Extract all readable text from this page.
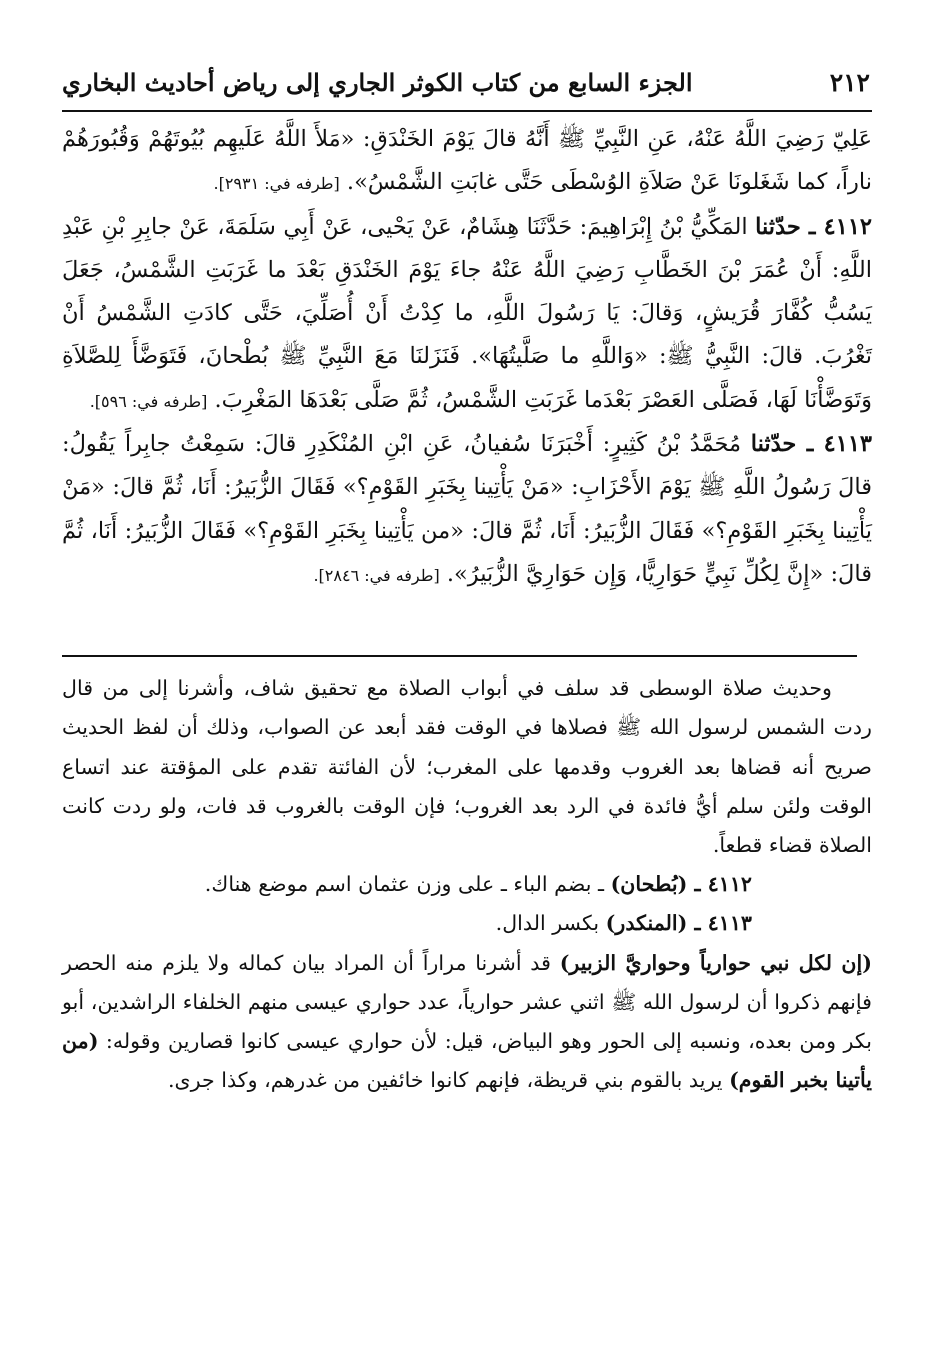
٢١٢
الجزء السابع من كتاب الكوثر الجاري إلى رياض أحاديث البخاري

عَلِيّ رَضِيَ اللَّهُ عَنْهُ، عَنِ النَّبِيِّ ﷺ أَنَّهُ قالَ يَوْمَ الخَنْدَقِ: «مَلأَ اللَّهُ عَلَيهِم بُيُوتَهُمْ وَقُبُورَهُمْ ناراً، كما شَغَلونَا عَنْ صَلاَةِ الوُسْطَى حَتَّى غابَتِ الشَّمْسُ». [طرفه في: ٢٩٣١].

٤١١٢ ـ حدّثنا المَكِّيُّ بْنُ إِبْرَاهِيمَ: حَدَّثَنَا هِشَامٌ، عَنْ يَحْيى، عَنْ أَبِي سَلَمَةَ، عَنْ جابِرِ بْنِ عَبْدِ اللَّهِ: أَنْ عُمَرَ بْنَ الخَطَّابِ رَضِيَ اللَّهُ عَنْهُ جاءَ يَوْمَ الخَنْدَقِ بَعْدَ ما غَرَبَتِ الشَّمْسُ، جَعَلَ يَسُبُّ كُفَّارَ قُرَيشٍ، وَقالَ: يَا رَسُولَ اللَّهِ، ما كِدْتُ أَنْ أُصَلِّيَ، حَتَّى كادَتِ الشَّمْسُ أَنْ تَغْرُبَ. قالَ: النَّبِيُّ ﷺ: «وَاللَّهِ ما صَلَّيتُهَا». فَنَزَلنَا مَعَ النَّبِيِّ ﷺ بُطْحانَ، فَتَوَضَّأَ لِلصَّلاَةِ وَتَوَضَّأْنَا لَهَا، فَصَلَّى العَصْرَ بَعْدَما غَرَبَتِ الشَّمْسُ، ثُمَّ صَلَّى بَعْدَهَا المَغْرِبَ. [طرفه في: ٥٩٦].

٤١١٣ ـ حدّثنا مُحَمَّدُ بْنُ كَثِيرٍ: أَخْبَرَنَا سُفيانُ، عَنِ ابْنِ المُنْكَدِرِ قالَ: سَمِعْتُ جابِراً يَقُولُ: قالَ رَسُولُ اللَّهِ ﷺ يَوْمَ الأَحْزَابِ: «مَنْ يَأْتِينا بِخَبَرِ القَوْمِ؟» فَقَالَ الزُّبَيرُ: أَنَا، ثُمَّ قالَ: «مَنْ يَأْتِينا بِخَبَرِ القَوْمِ؟» فَقَالَ الزُّبَيرُ: أَنَا، ثُمَّ قالَ: «من يَأْتِينا بِخَبَرِ القَوْمِ؟» فَقَالَ الزُّبَيرُ: أَنَا، ثُمَّ قالَ: «إِنَّ لِكُلِّ نَبِيٍّ حَوَارِيًّا، وَإِن حَوَارِيَّ الزُّبَيرُ». [طرفه في: ٢٨٤٦].

وحديث صلاة الوسطى قد سلف في أبواب الصلاة مع تحقيق شاف، وأشرنا إلى من قال ردت الشمس لرسول الله ﷺ فصلاها في الوقت فقد أبعد عن الصواب، وذلك أن لفظ الحديث صريح أنه قضاها بعد الغروب وقدمها على المغرب؛ لأن الفائتة تقدم على المؤقتة عند اتساع الوقت ولئن سلم أيُّ فائدة في الرد بعد الغروب؛ فإن الوقت بالغروب قد فات، ولو ردت كانت الصلاة قضاء قطعاً.

٤١١٢ ـ (بُطحان) ـ بضم الباء ـ على وزن عثمان اسم موضع هناك.

٤١١٣ ـ (المنكدر) بكسر الدال.

(إن لكل نبي حوارياً وحواريَّ الزبير) قد أشرنا مراراً أن المراد بيان كماله ولا يلزم منه الحصر فإنهم ذكروا أن لرسول الله ﷺ اثني عشر حوارياً، عدد حواري عيسى منهم الخلفاء الراشدين، أبو بكر ومن بعده، ونسبه إلى الحور وهو البياض، قيل: لأن حواري عيسى كانوا قصارين وقوله: (من يأتينا بخبر القوم) يريد بالقوم بني قريظة، فإنهم كانوا خائفين من غدرهم، وكذا جرى.
